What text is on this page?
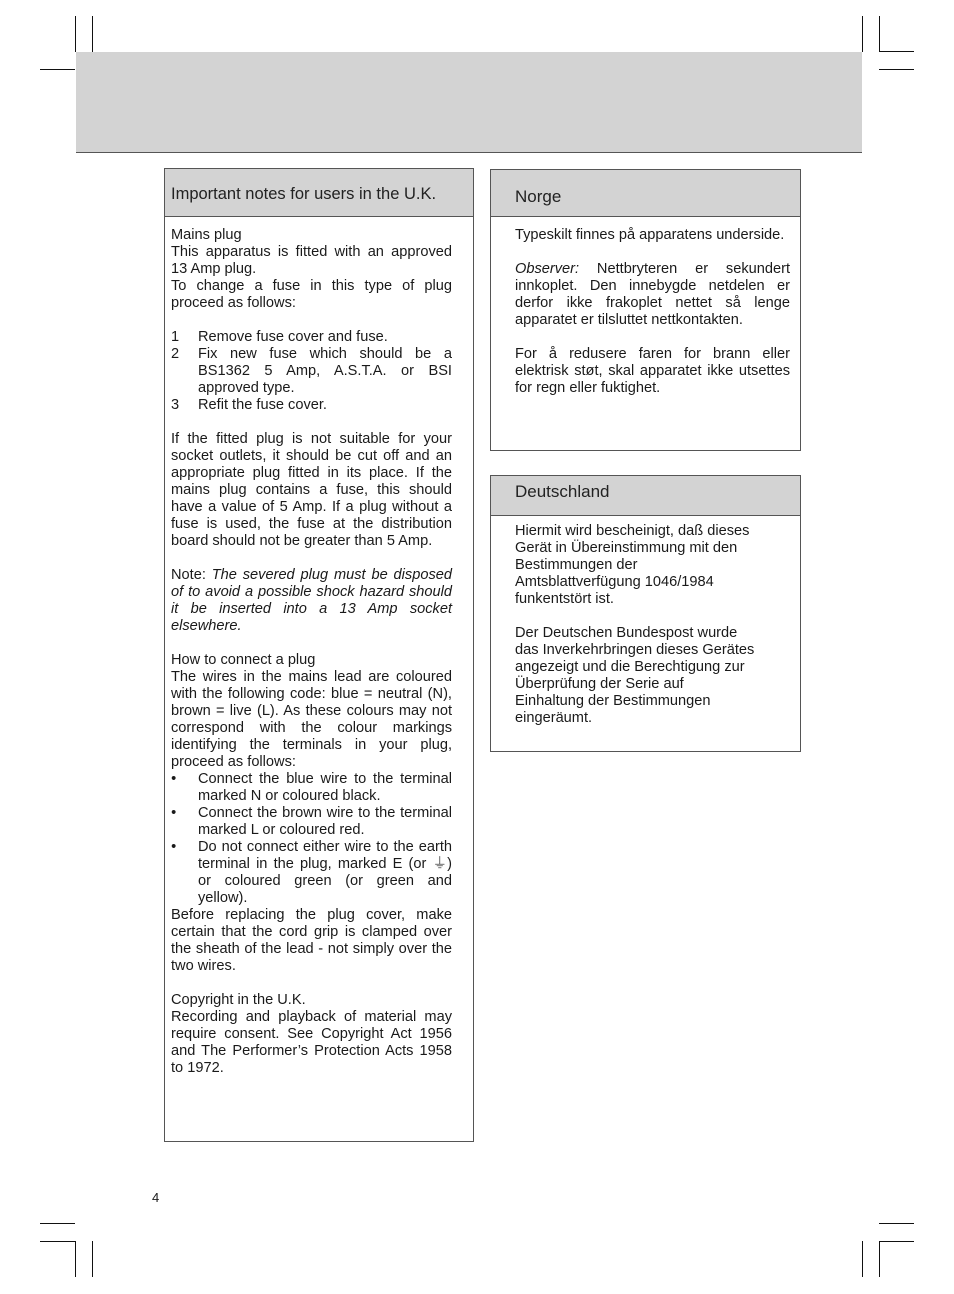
Important notes for users in the U.K.

Mains plug

This apparatus is fitted with an approved 13 Amp plug.

To change a fuse in this type of plug proceed as follows:

1	Remove fuse cover and fuse.
2	Fix new fuse which should be a BS1362 5 Amp, A.S.T.A. or BSI approved type.
3	Refit the fuse cover.

If the fitted plug is not suitable for your socket outlets, it should be cut off and an appropriate plug fitted in its place. If the mains plug contains a fuse, this should have a value of 5 Amp. If a plug without a fuse is used, the fuse at the distribution board should not be greater than 5 Amp.

Note: The severed plug must be disposed of to avoid a possible shock hazard should it be inserted into a 13 Amp socket elsewhere.

How to connect a plug

The wires in the mains lead are coloured with the following code: blue = neutral (N), brown = live (L). As these colours may not correspond with the colour markings identifying the terminals in your plug, proceed as follows:

•	Connect the blue wire to the terminal marked N or coloured black.
•	Connect the brown wire to the terminal marked L or coloured red.
•	Do not connect either wire to the earth terminal in the plug, marked E (or ⏚) or coloured green (or green and yellow).

Before replacing the plug cover, make certain that the cord grip is clamped over the sheath of the lead - not simply over the two wires.

Copyright in the U.K.

Recording and playback of material may require consent. See Copyright Act 1956 and The Performer’s Protection Acts 1958 to 1972.

Norge

Typeskilt finnes på apparatens underside.

Observer: Nettbryteren er sekundert innkoplet. Den innebygde netdelen er derfor ikke frakoplet nettet så lenge apparatet er tilsluttet nettkontakten.

For å redusere faren for brann eller elektrisk støt, skal apparatet ikke utsettes for regn eller fuktighet.

Deutschland

Hiermit wird bescheinigt, daß dieses

Gerät in Übereinstimmung mit den

Bestimmungen der

Amtsblattverfügung 1046/1984

funkentstört ist.

Der Deutschen Bundespost wurde

das Inverkehrbringen dieses Gerätes

angezeigt und die Berechtigung zur

Überprüfung der Serie auf

Einhaltung der Bestimmungen

eingeräumt.

4
